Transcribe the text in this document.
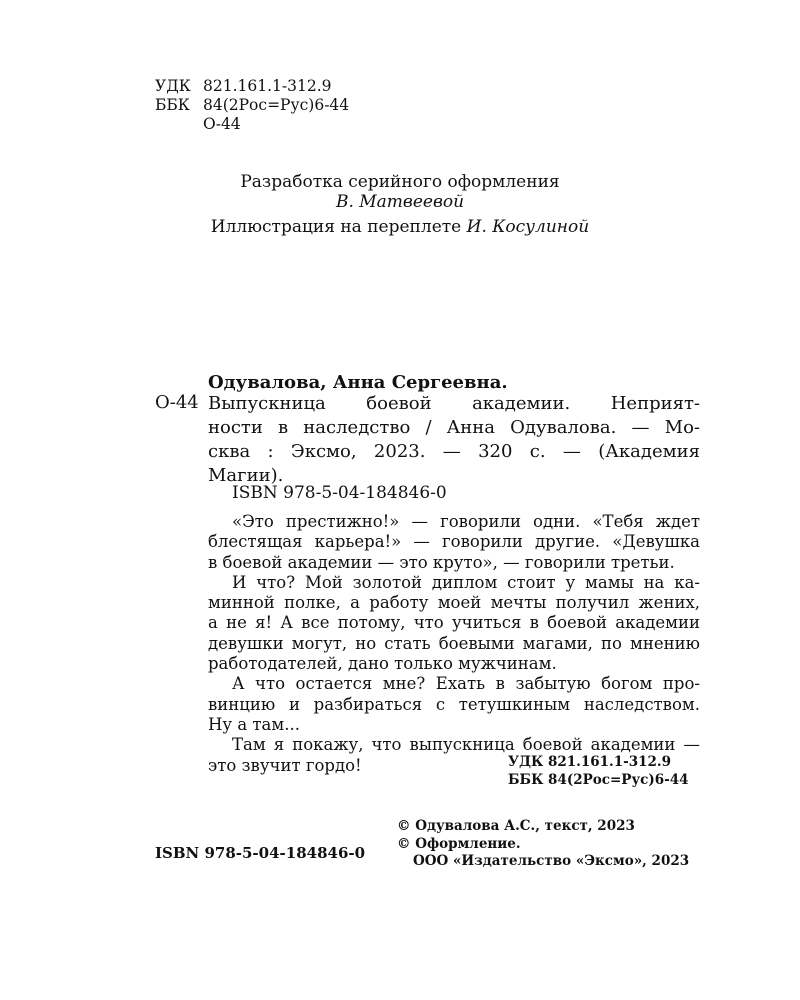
УДК 821.161.1-312.9
ББК 84(2Рос=Рус)6-44
О-44
Разработка серийного оформления
В. Матвеевой
Иллюстрация на переплете И. Косулиной
Одувалова, Анна Сергеевна.
О-44 Выпускница боевой академии. Неприят-
ности в наследство / Анна Одувалова. — Мо-
сква : Эксмо, 2023. — 320 с. — (Академия
Магии).
ISBN 978-5-04-184846-0
«Это престижно!» — говорили одни. «Тебя ждет
блестящая карьера!» — говорили другие. «Девушка
в боевой академии — это круто», — говорили третьи.
И что? Мой золотой диплом стоит у мамы на ка-
минной полке, а работу моей мечты получил жених,
а не я! А все потому, что учиться в боевой академии
девушки могут, но стать боевыми магами, по мнению
работодателей, дано только мужчинам.
А что остается мне? Ехать в забытую богом про-
винцию и разбираться с тетушкиным наследством.
Ну а там...
Там я покажу, что выпускница боевой академии —
это звучит гордо!	УДК 821.161.1-312.9
ББК 84(2Рос=Рус)6-44
© Одувалова А.С., текст, 2023
© Оформление.
ООО «Издательство «Эксмо», 2023
ISBN 978-5-04-184846-0
